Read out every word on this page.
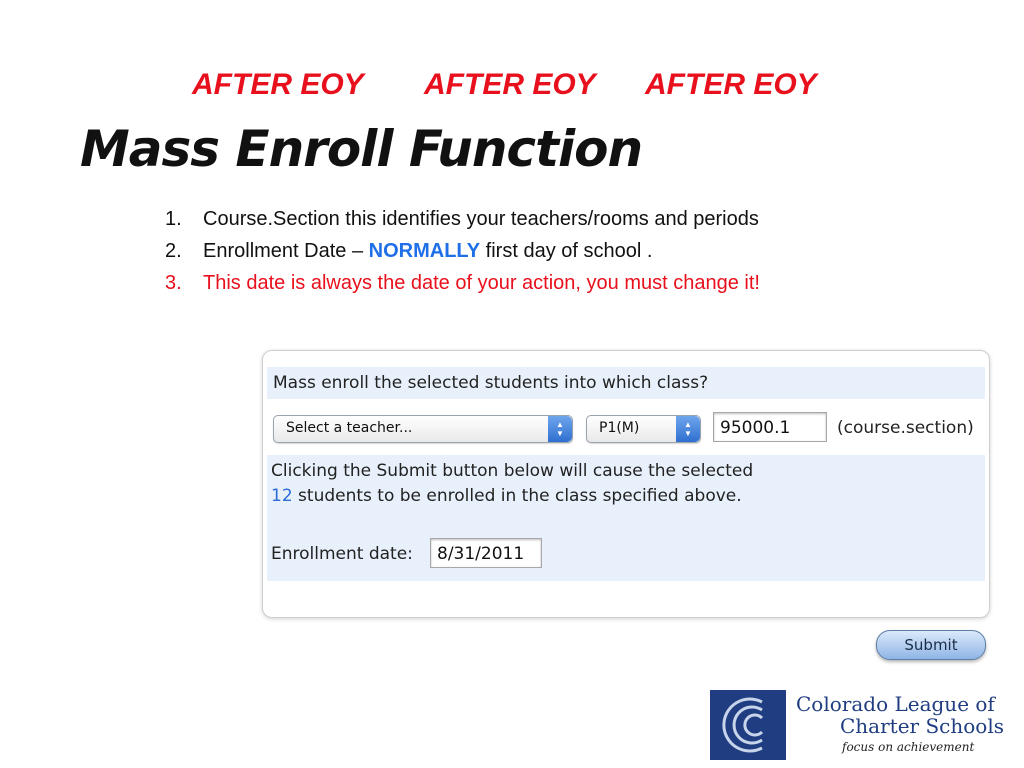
AFTER EOY AFTER EOY AFTER EOY
Mass Enroll Function
1. Course.Section this identifies your teachers/rooms and periods
2. Enrollment Date – NORMALLY first day of school .
3. This date is always the date of your action, you must change it!
Mass enroll the selected students into which class?
Select a teacher...	▲
▼	P1(M)	▲
▼	95000.1	(course.section)
Clicking the Submit button below will cause the selected
12 students to be enrolled in the class specified above.
Enrollment date:	8/31/2011
Submit
Colorado League of
Charter Schools
focus on achievement
